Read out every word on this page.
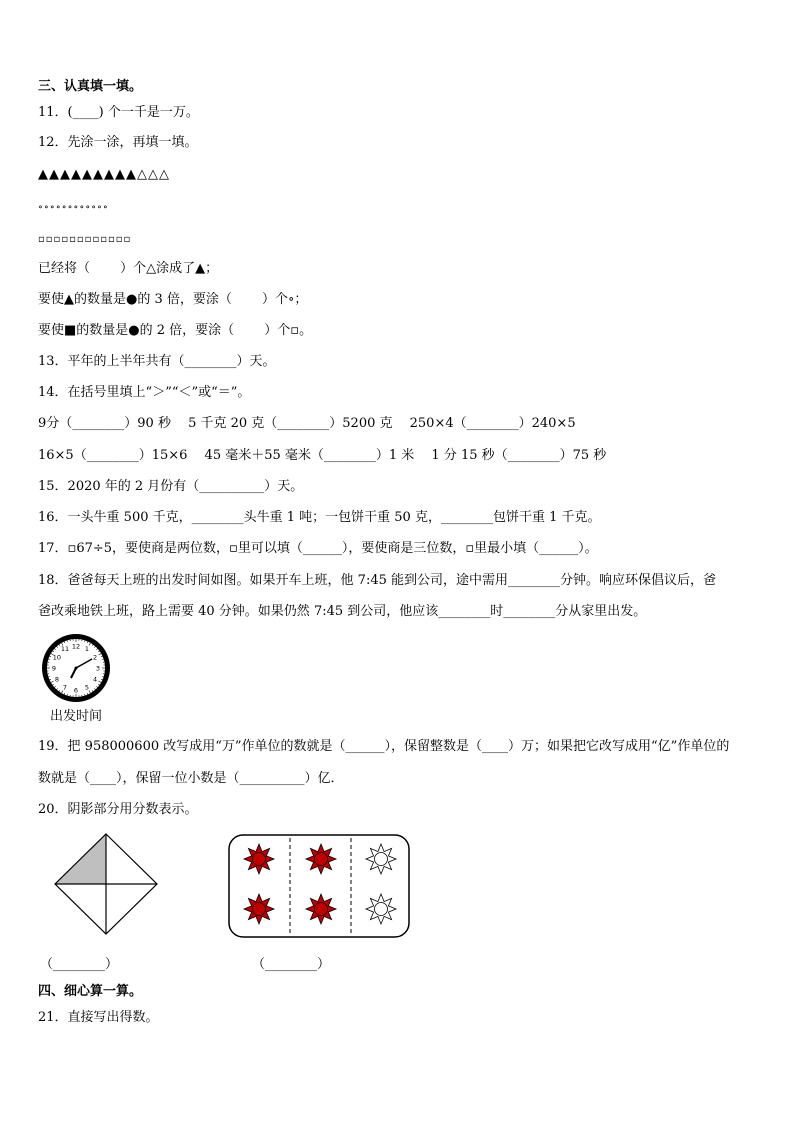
三、认真填一填。
11．(____) 个一千是一万。
12．先涂一涂，再填一填。
▲▲▲▲▲▲▲▲▲△△△
∘∘∘∘∘∘∘∘∘∘∘∘
▫▫▫▫▫▫▫▫▫▫▫▫
已经将（ 　　）个△涂成了▲；
要使▲的数量是●的 3 倍，要涂（ 　　）个∘；
要使■的数量是●的 2 倍，要涂（ 　　）个▫。
13．平年的上半年共有（________）天。
14．在括号里填上“＞”“＜”或“＝”。
9分（________）90 秒　 5 千克 20 克（________）5200 克 　250×4（________）240×5
16×5（________）15×6 　45 毫米＋55 毫米（________）1 米 　1 分 15 秒（________）75 秒
15．2020 年的 2 月份有（__________）天。
16．一头牛重 500 千克，________头牛重 1 吨；一包饼干重 50 克，________包饼干重 1 千克。
17．▫67÷5，要使商是两位数，▫里可以填（______），要使商是三位数，▫里最小填（______）。
18．爸爸每天上班的出发时间如图。如果开车上班，他 7:45 能到公司，途中需用________分钟。响应环保倡议后，爸
爸改乘地铁上班，路上需要 40 分钟。如果仍然 7:45 到公司，他应该________时________分从家里出发。
12 1
2
3
4
5
6
7
8
9
10
11
出发时间
19．把 958000600 改写成用“万”作单位的数就是（______），保留整数是（____）万；如果把它改写成用“亿”作单位的
数就是（____），保留一位小数是（__________）亿．
20．阴影部分用分数表示。
（________）	（________）
四、细心算一算。
21．直接写出得数。
